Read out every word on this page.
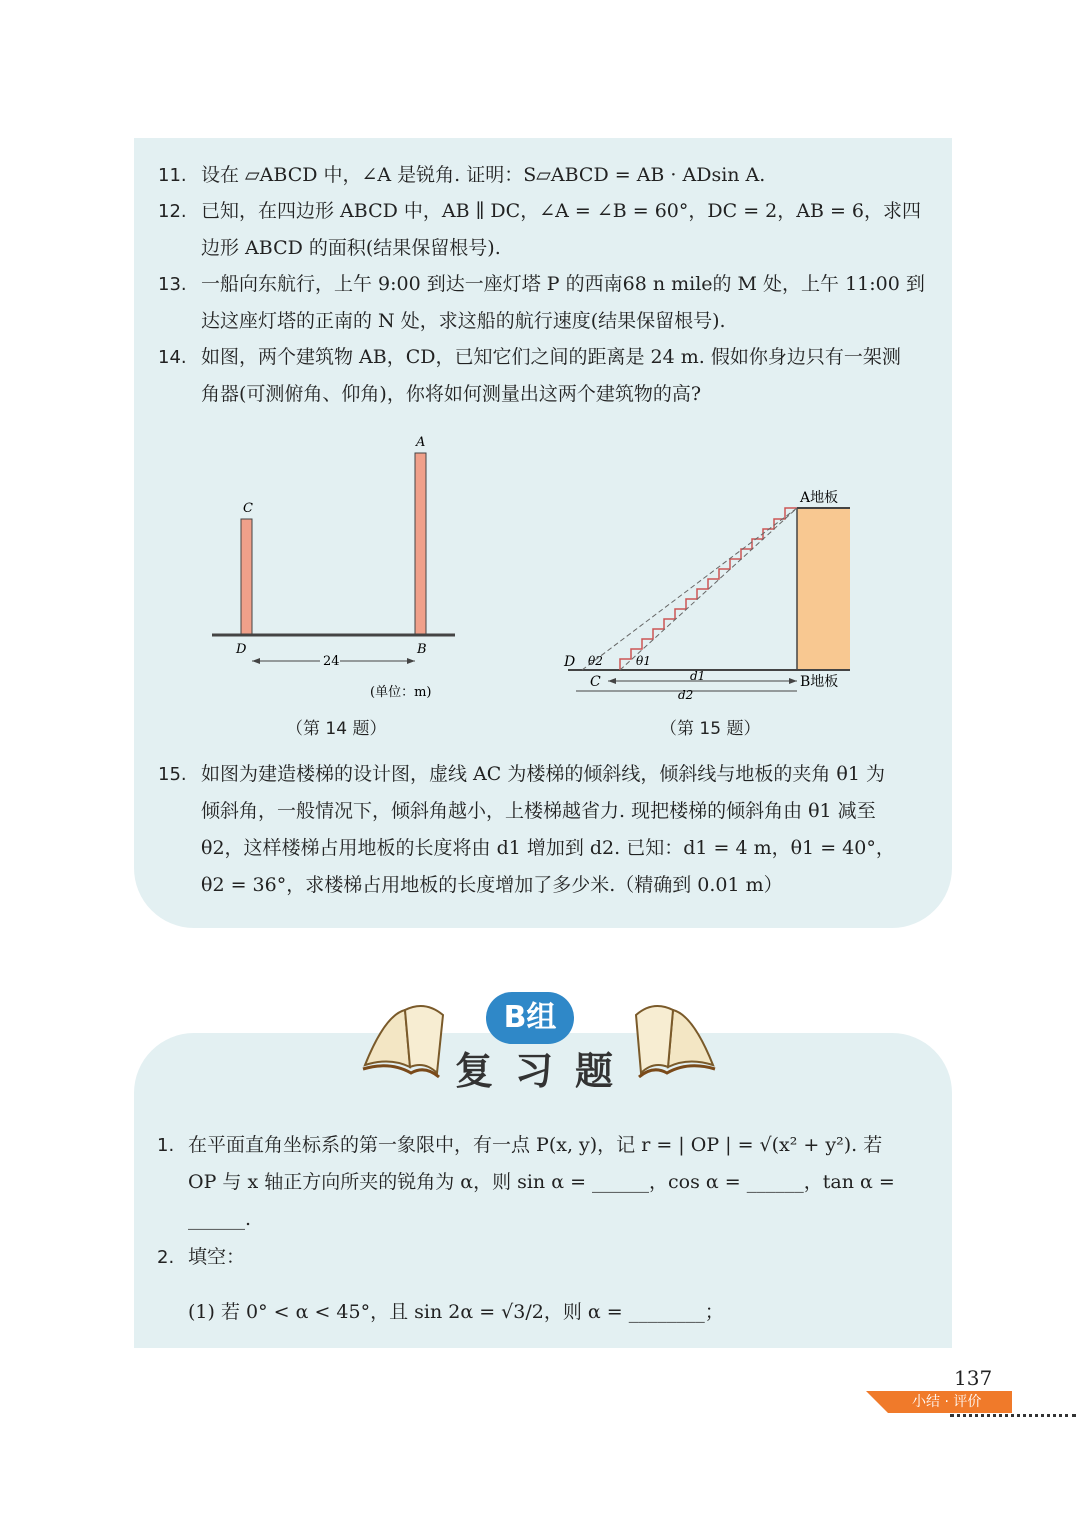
11. 设在 ▱ABCD 中，∠A 是锐角. 证明：S▱ABCD = AB · ADsin A.
12. 已知，在四边形 ABCD 中，AB ∥ DC，∠A = ∠B = 60°，DC = 2，AB = 6，求四
边形 ABCD 的面积(结果保留根号).
13. 一船向东航行，上午 9:00 到达一座灯塔 P 的西南68 n mile的 M 处，上午 11:00 到
达这座灯塔的正南的 N 处，求这船的航行速度(结果保留根号).
14. 如图，两个建筑物 AB，CD，已知它们之间的距离是 24 m. 假如你身边只有一架测
角器(可测俯角、仰角)，你将如何测量出这两个建筑物的高?
C
A
D	B
24
(单位：m)
（第 14 题）
A地板
D θ2	θ1
C	B地板
d1
d2
（第 15 题）
15. 如图为建造楼梯的设计图，虚线 AC 为楼梯的倾斜线，倾斜线与地板的夹角 θ1 为
倾斜角，一般情况下，倾斜角越小，上楼梯越省力. 现把楼梯的倾斜角由 θ1 减至
θ2，这样楼梯占用地板的长度将由 d1 增加到 d2. 已知：d1 = 4 m，θ1 = 40°，
θ2 = 36°，求楼梯占用地板的长度增加了多少米.（精确到 0.01 m）
B组
复习题
1. 在平面直角坐标系的第一象限中，有一点 P(x, y)，记 r = | OP | = √(x² + y²). 若
OP 与 x 轴正方向所夹的锐角为 α，则 sin α = ______，cos α = ______，tan α =
______.
2. 填空：
(1) 若 0° < α < 45°，且 sin 2α = √3/2，则 α = ________；
137
小结 · 评价
